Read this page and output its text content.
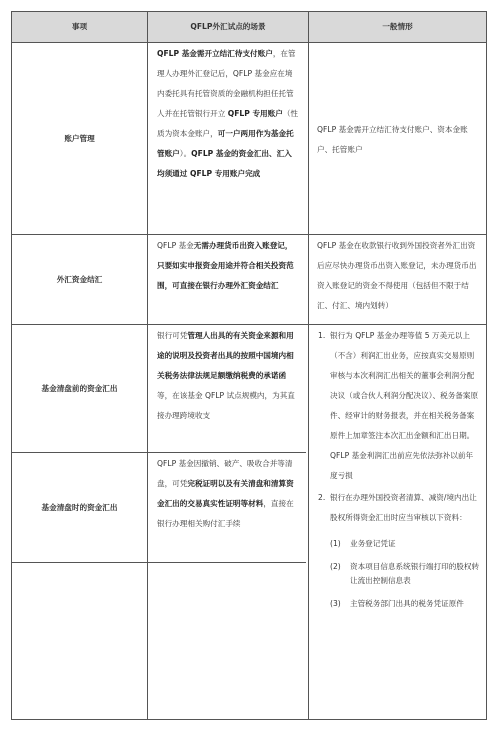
事项	QFLP外汇试点的场景	一般情形
账户管理
QFLP 基金需开立结汇待支付账户，在管理人办理外汇登记后，QFLP 基金应在境内委托具有托管资质的金融机构担任托管人并在托管银行开立 QFLP 专用账户（性质为资本金账户，可一户两用作为基金托管账户）。QFLP 基金的资金汇出、汇入均须通过 QFLP 专用账户完成
QFLP 基金需开立结汇待支付账户、资本金账户、托管账户
外汇资金结汇
QFLP 基金无需办理货币出资入账登记，只要如实申报资金用途并符合相关投资范围，可直接在银行办理外汇资金结汇
QFLP 基金在收款银行收到外国投资者外汇出资后应尽快办理货币出资入账登记，未办理货币出资入账登记的资金不得使用（包括但不限于结汇、付汇、境内划转）
基金清盘前的资金汇出
银行可凭管理人出具的有关资金来源和用途的说明及投资者出具的按照中国境内相关税务法律法规足额缴纳税费的承诺函等，在该基金 QFLP 试点规模内，为其直接办理跨境收支
基金清盘时的资金汇出
QFLP 基金因撤销、破产、吸收合并等清盘，可凭完税证明以及有关清盘和清算资金汇出的交易真实性证明等材料，直接在银行办理相关购付汇手续
1. 银行为 QFLP 基金办理等值 5 万美元以上（不含）利润汇出业务，应按真实交易原则审核与本次利润汇出相关的董事会利润分配决议（或合伙人利润分配决议）、税务备案原件、经审计的财务报表，并在相关税务备案原件上加章签注本次汇出金额和汇出日期。QFLP 基金利润汇出前应先依法弥补以前年度亏损
2. 银行在办理外国投资者清算、减资/境内出让股权所得资金汇出时应当审核以下资料：
(1) 业务登记凭证
(2) 资本项目信息系统银行端打印的股权转让流出控制信息表
(3) 主管税务部门出具的税务凭证原件
